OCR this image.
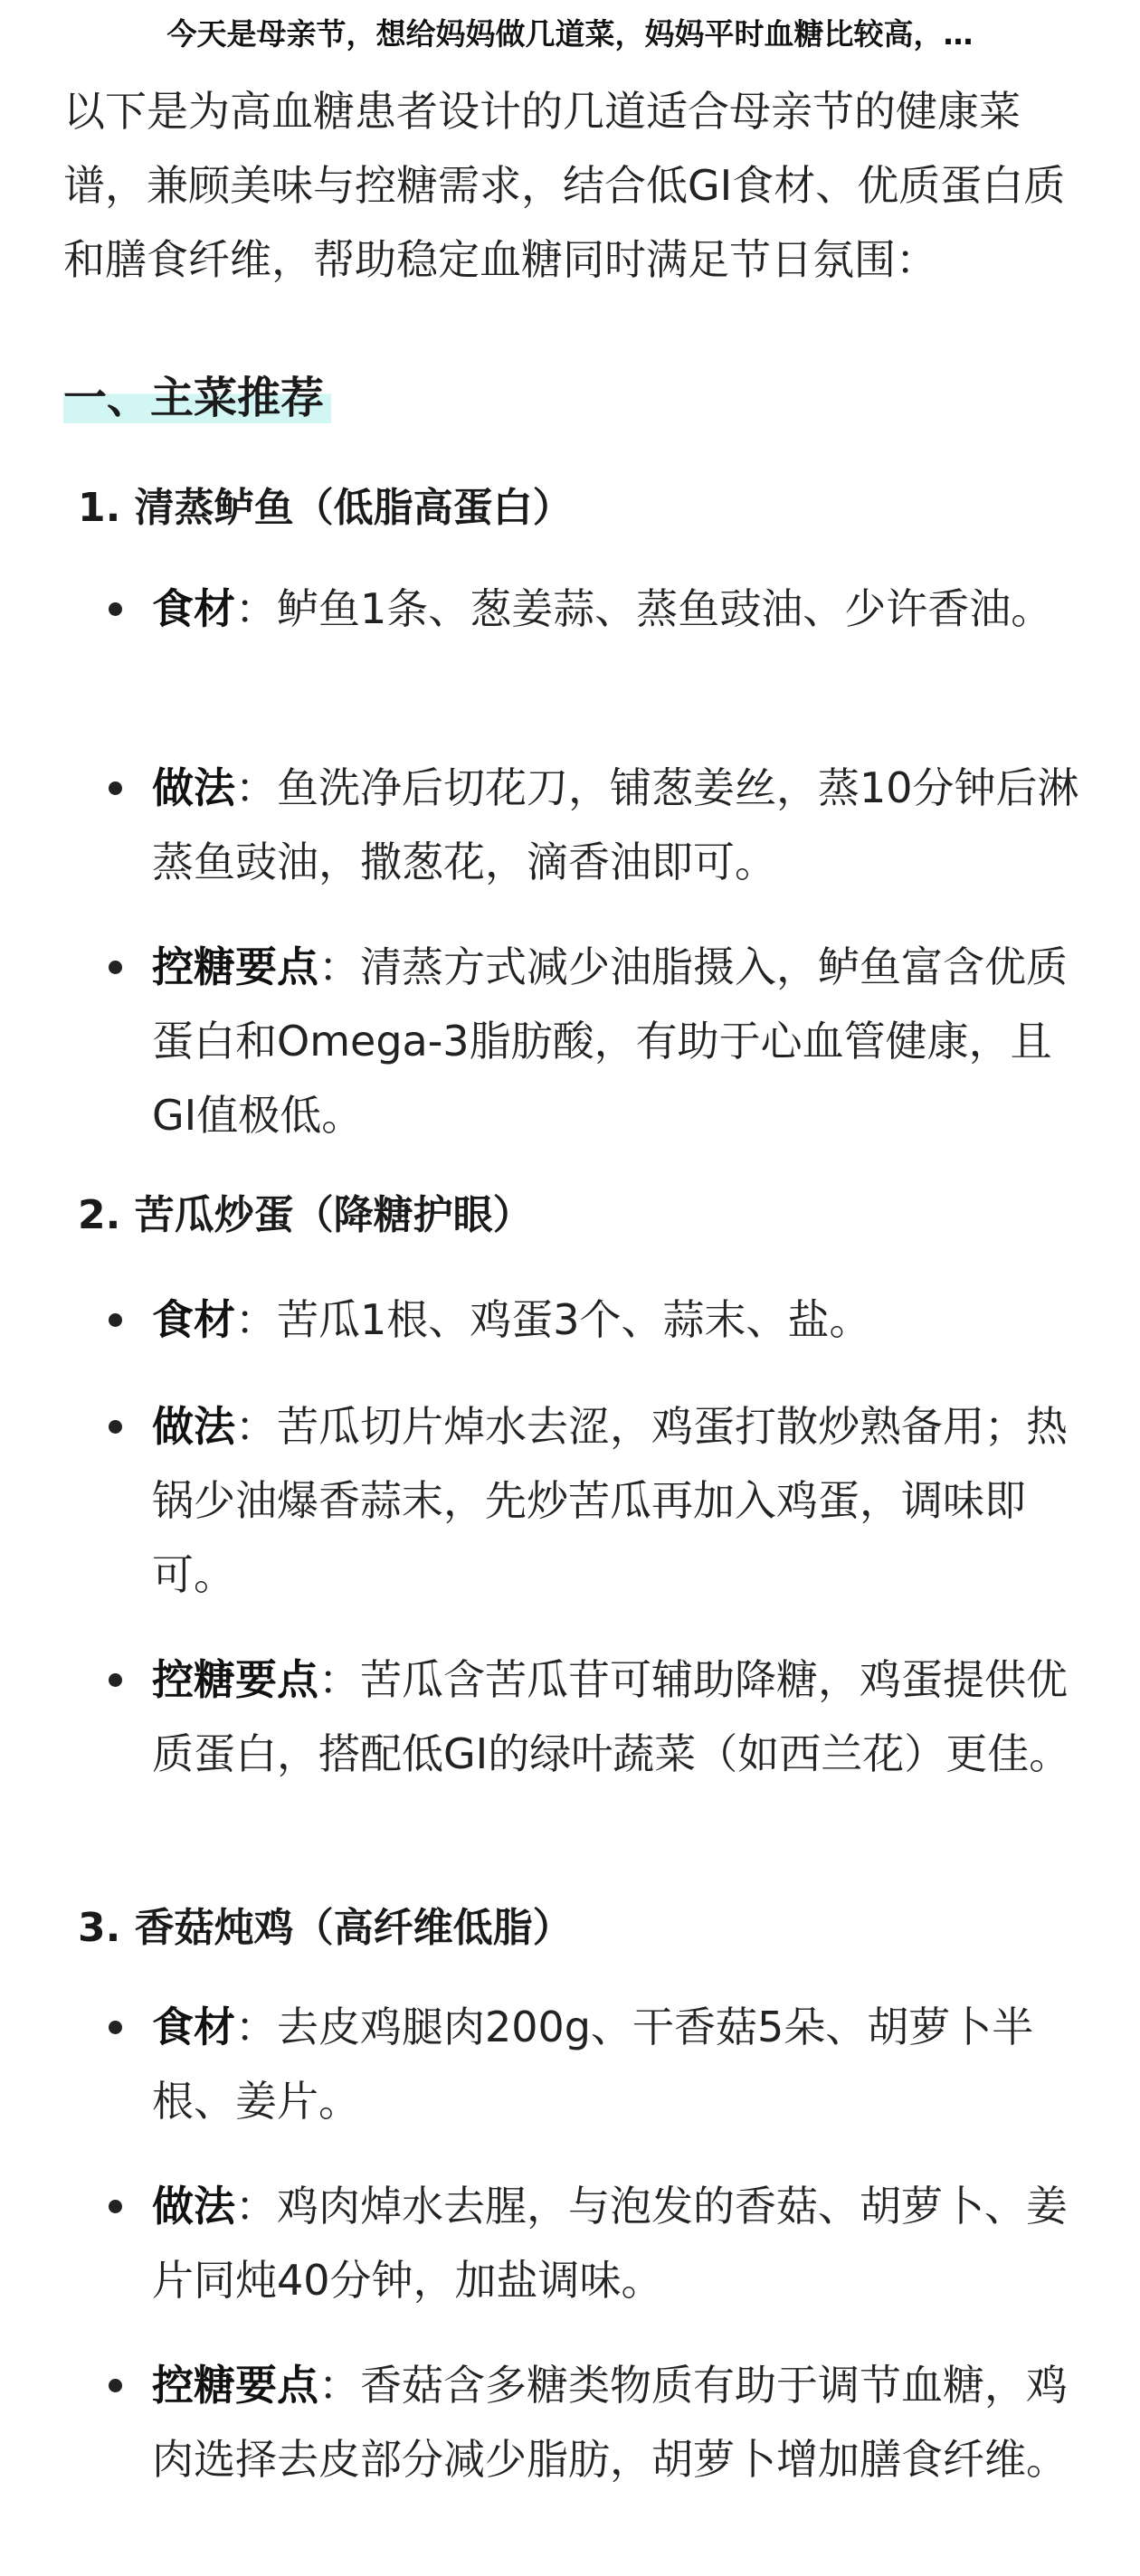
今天是母亲节，想给妈妈做几道菜，妈妈平时血糖比较高，…

以下是为高血糖患者设计的几道适合母亲节的健康菜谱，兼顾美味与控糖需求，结合低GI食材、优质蛋白质和膳食纤维，帮助稳定血糖同时满足节日氛围：

一、主菜推荐
1. 清蒸鲈鱼（低脂高蛋白）
食材：鲈鱼1条、葱姜蒜、蒸鱼豉油、少许香油。
做法：鱼洗净后切花刀，铺葱姜丝，蒸10分钟后淋蒸鱼豉油，撒葱花，滴香油即可。
控糖要点：清蒸方式减少油脂摄入，鲈鱼富含优质蛋白和Omega-3脂肪酸，有助于心血管健康，且GI值极低。
2. 苦瓜炒蛋（降糖护眼）
食材：苦瓜1根、鸡蛋3个、蒜末、盐。
做法：苦瓜切片焯水去涩，鸡蛋打散炒熟备用；热锅少油爆香蒜末，先炒苦瓜再加入鸡蛋，调味即可。
控糖要点：苦瓜含苦瓜苷可辅助降糖，鸡蛋提供优质蛋白，搭配低GI的绿叶蔬菜（如西兰花）更佳。
3. 香菇炖鸡（高纤维低脂）
食材：去皮鸡腿肉200g、干香菇5朵、胡萝卜半根、姜片。
做法：鸡肉焯水去腥，与泡发的香菇、胡萝卜、姜片同炖40分钟，加盐调味。
控糖要点：香菇含多糖类物质有助于调节血糖，鸡肉选择去皮部分减少脂肪，胡萝卜增加膳食纤维。
